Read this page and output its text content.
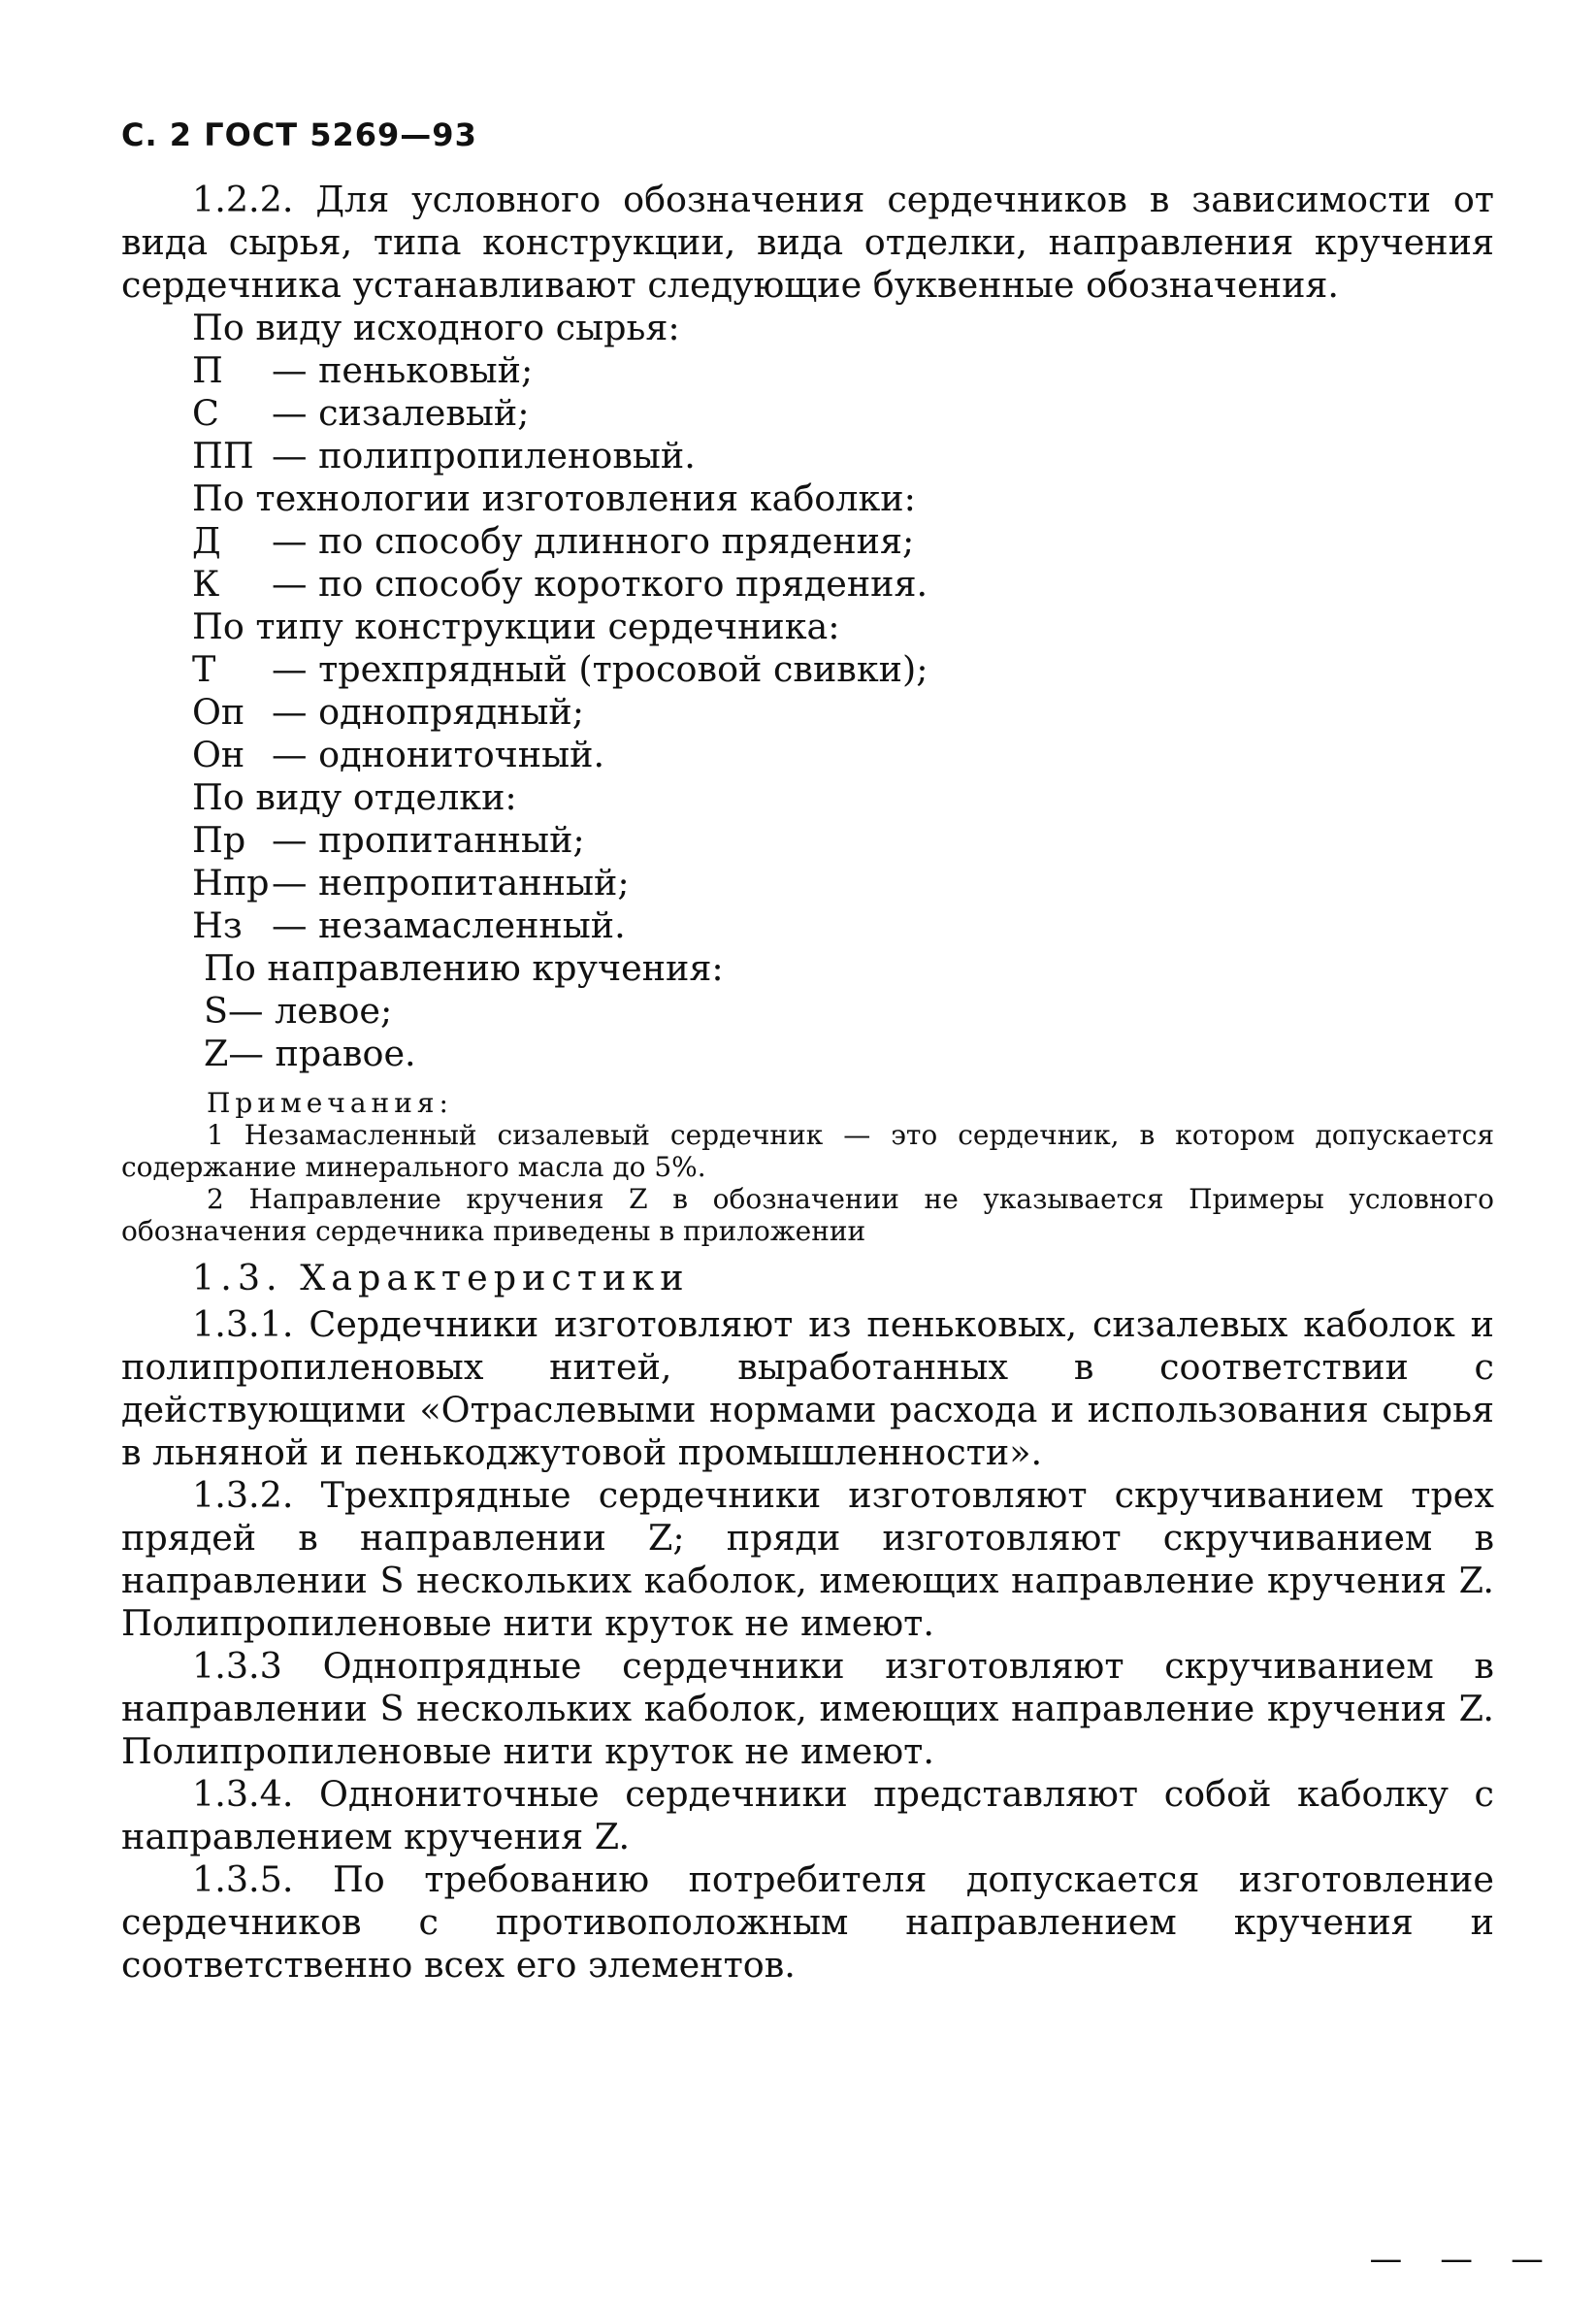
С. 2 ГОСТ 5269—93

1.2.2. Для условного обозначения сердечников в зависимости от вида сырья, типа конструкции, вида отделки, направления кручения сердечника устанавливают следующие буквенные обозначения.

По виду исходного сырья:

П	— пеньковый;
С	— сизалевый;
ПП — полипропиленовый.

По технологии изготовления каболки:

Д	— по способу длинного прядения;
К	— по способу короткого прядения.

По типу конструкции сердечника:

Т	— трехпрядный (тросовой свивки);
Оп — однопрядный;
Он — однониточный.

По виду отделки:

Пр — пропитанный;
Нпр — непропитанный;
Нз — незамасленный.

По направлению кручения:

S — левое;
Z — правое.
Примечания:

1 Незамасленный сизалевый сердечник — это сердечник, в котором допускается содержание минерального масла до 5%.

2 Направление кручения Z в обозначении не указывается Примеры условного обозначения сердечника приведены в приложении

1.3. Характеристики

1.3.1. Сердечники изготовляют из пеньковых, сизалевых каболок и полипропиленовых нитей, выработанных в соответствии с действующими «Отраслевыми нормами расхода и использования сырья в льняной и пенькоджутовой промышленности».

1.3.2. Трехпрядные сердечники изготовляют скручиванием трех прядей в направлении Z; пряди изготовляют скручиванием в направлении S нескольких каболок, имеющих направление кручения Z. Полипропиленовые нити круток не имеют.

1.3.3 Однопрядные сердечники изготовляют скручиванием в направлении S нескольких каболок, имеющих направление кручения Z. Полипропиленовые нити круток не имеют.

1.3.4. Однониточные сердечники представляют собой каболку с направлением кручения Z.

1.3.5. По требованию потребителя допускается изготовление сердечников с противоположным направлением кручения и соответственно всех его элементов.

— — —
